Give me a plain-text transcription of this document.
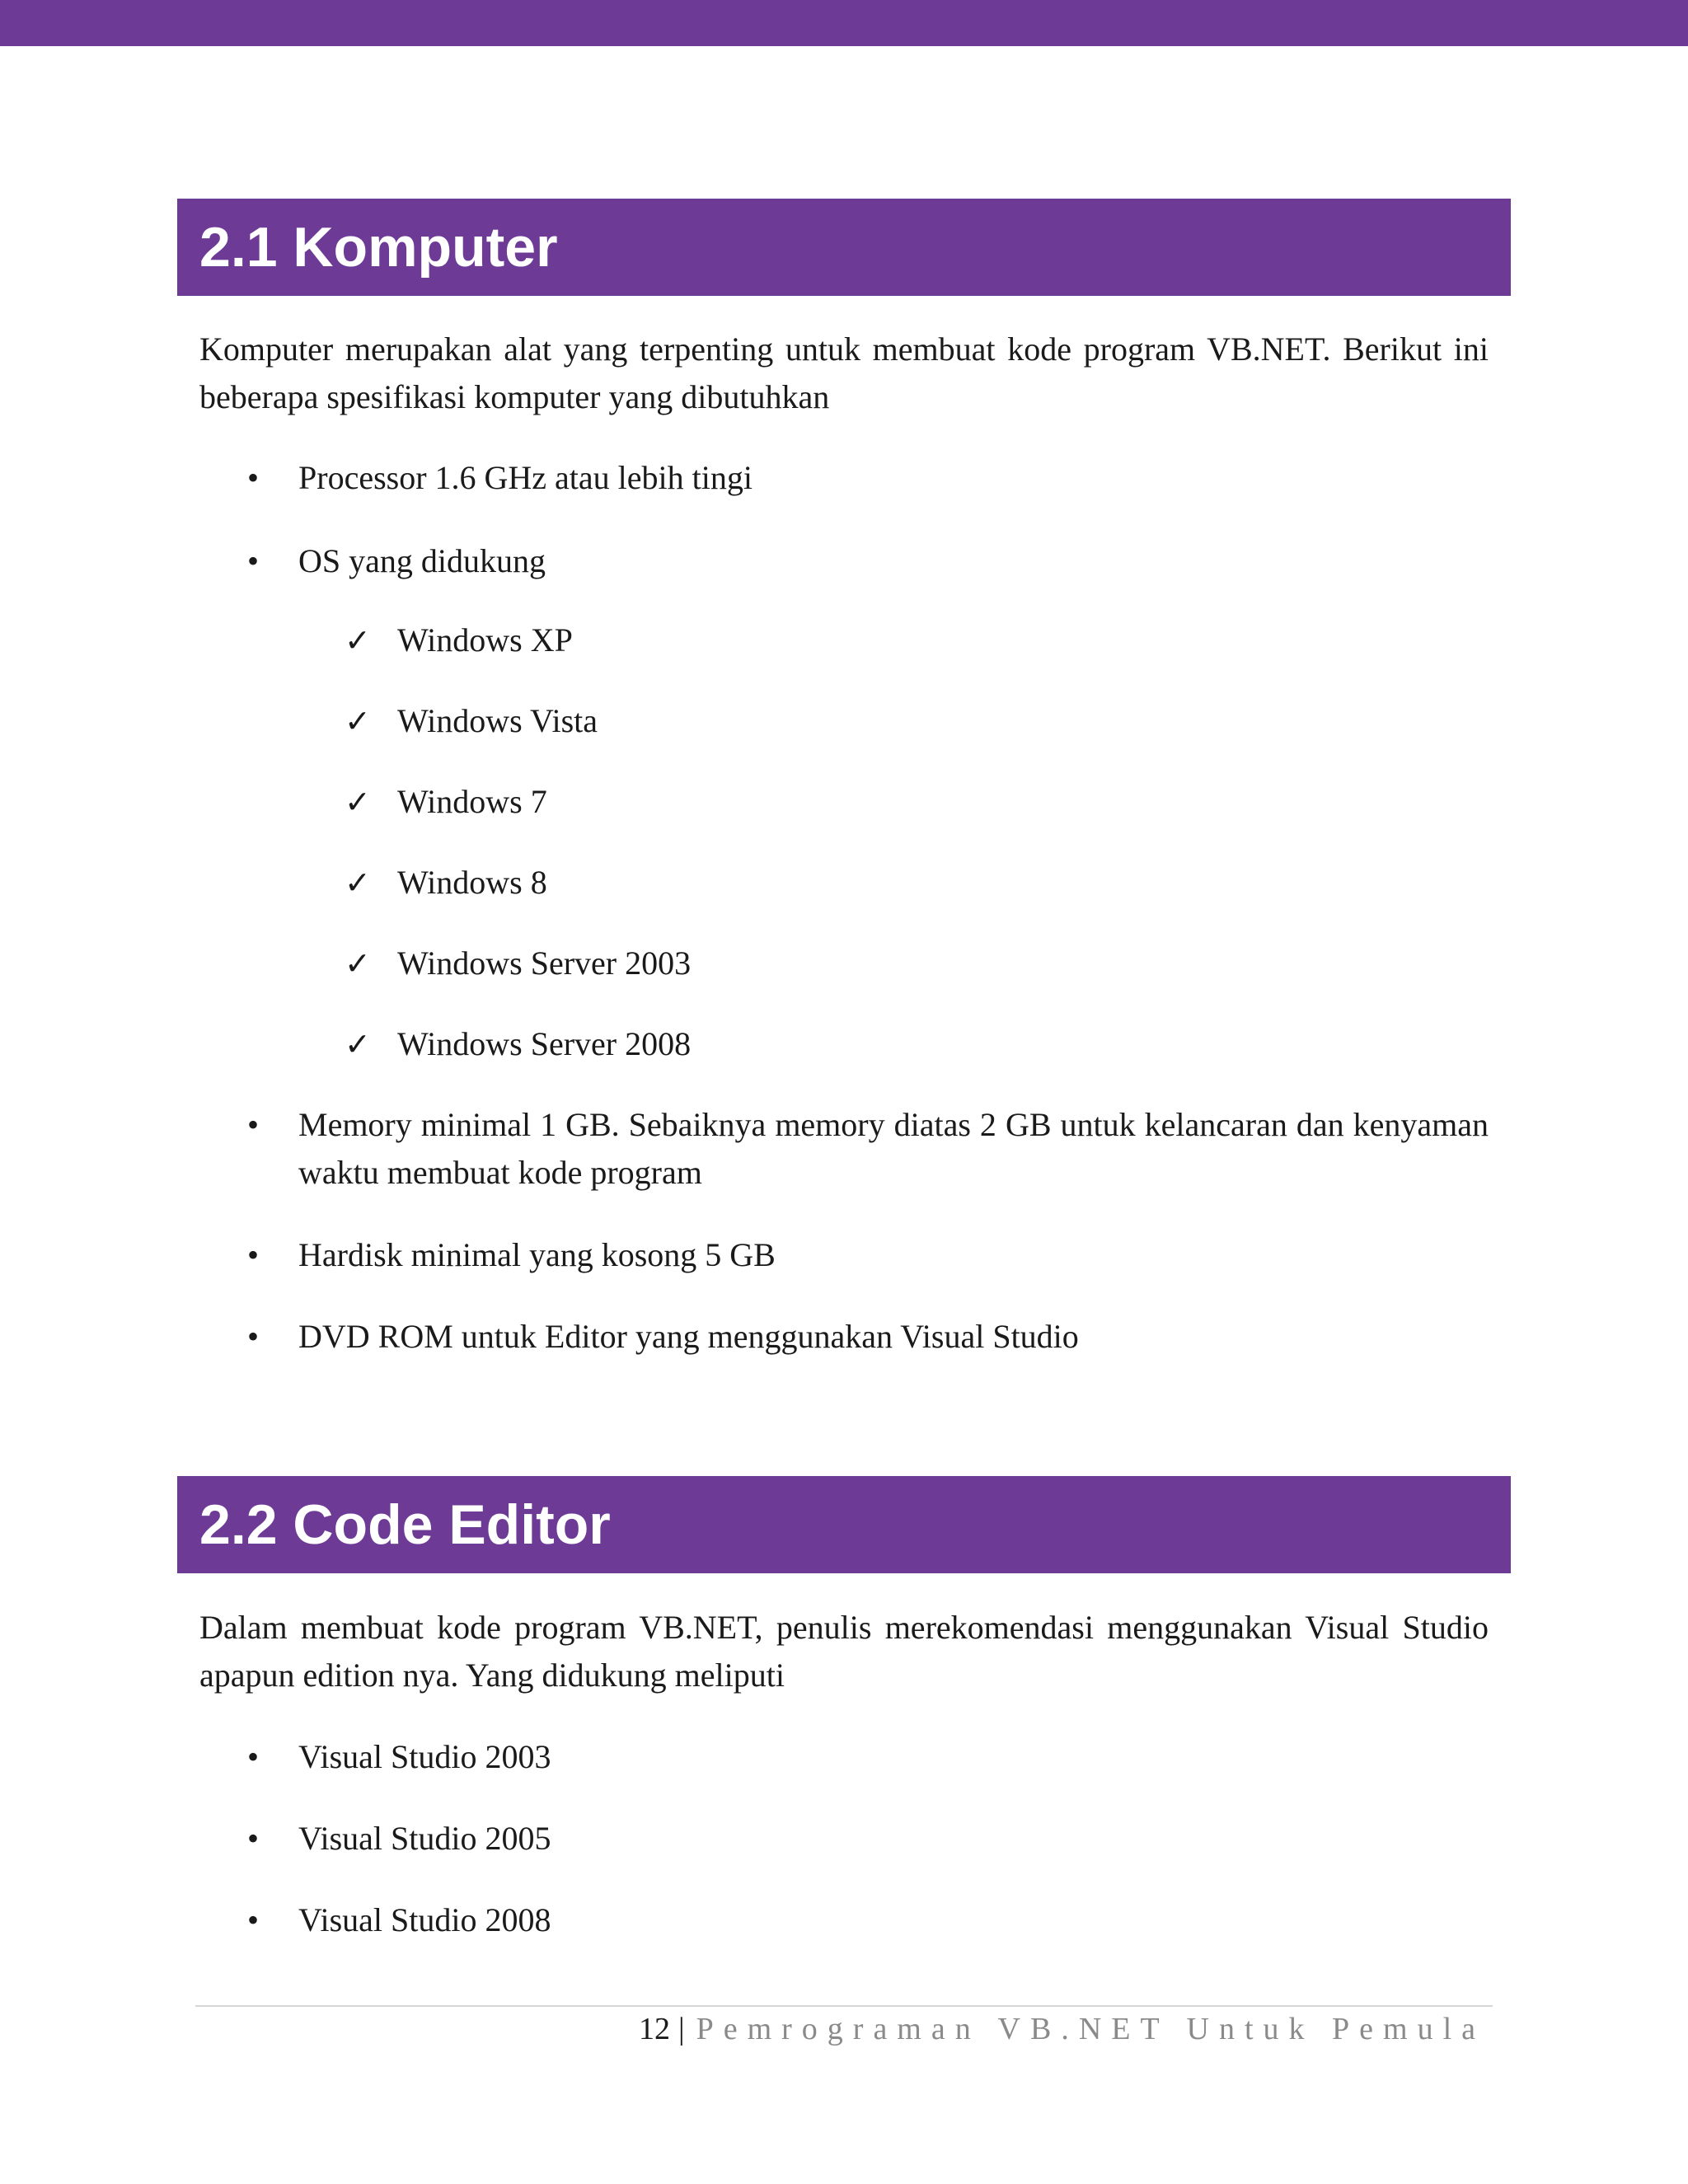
2.1 Komputer

Komputer merupakan alat yang terpenting untuk membuat kode program VB.NET. Berikut ini beberapa spesifikasi komputer yang dibutuhkan

• Processor 1.6 GHz atau lebih tingi

• OS yang didukung

✓ Windows XP
✓ Windows Vista
✓ Windows 7
✓ Windows 8
✓ Windows Server 2003
✓ Windows Server 2008
• Memory minimal 1 GB. Sebaiknya memory diatas 2 GB untuk kelancaran dan kenyaman waktu membuat kode program

• Hardisk minimal yang kosong 5 GB

• DVD ROM untuk Editor yang menggunakan Visual Studio

2.2 Code Editor

Dalam membuat kode program VB.NET, penulis merekomendasi menggunakan Visual Studio apapun edition nya. Yang didukung meliputi

• Visual Studio 2003

• Visual Studio 2005

• Visual Studio 2008

12 | Pemrograman VB.NET Untuk Pemula
